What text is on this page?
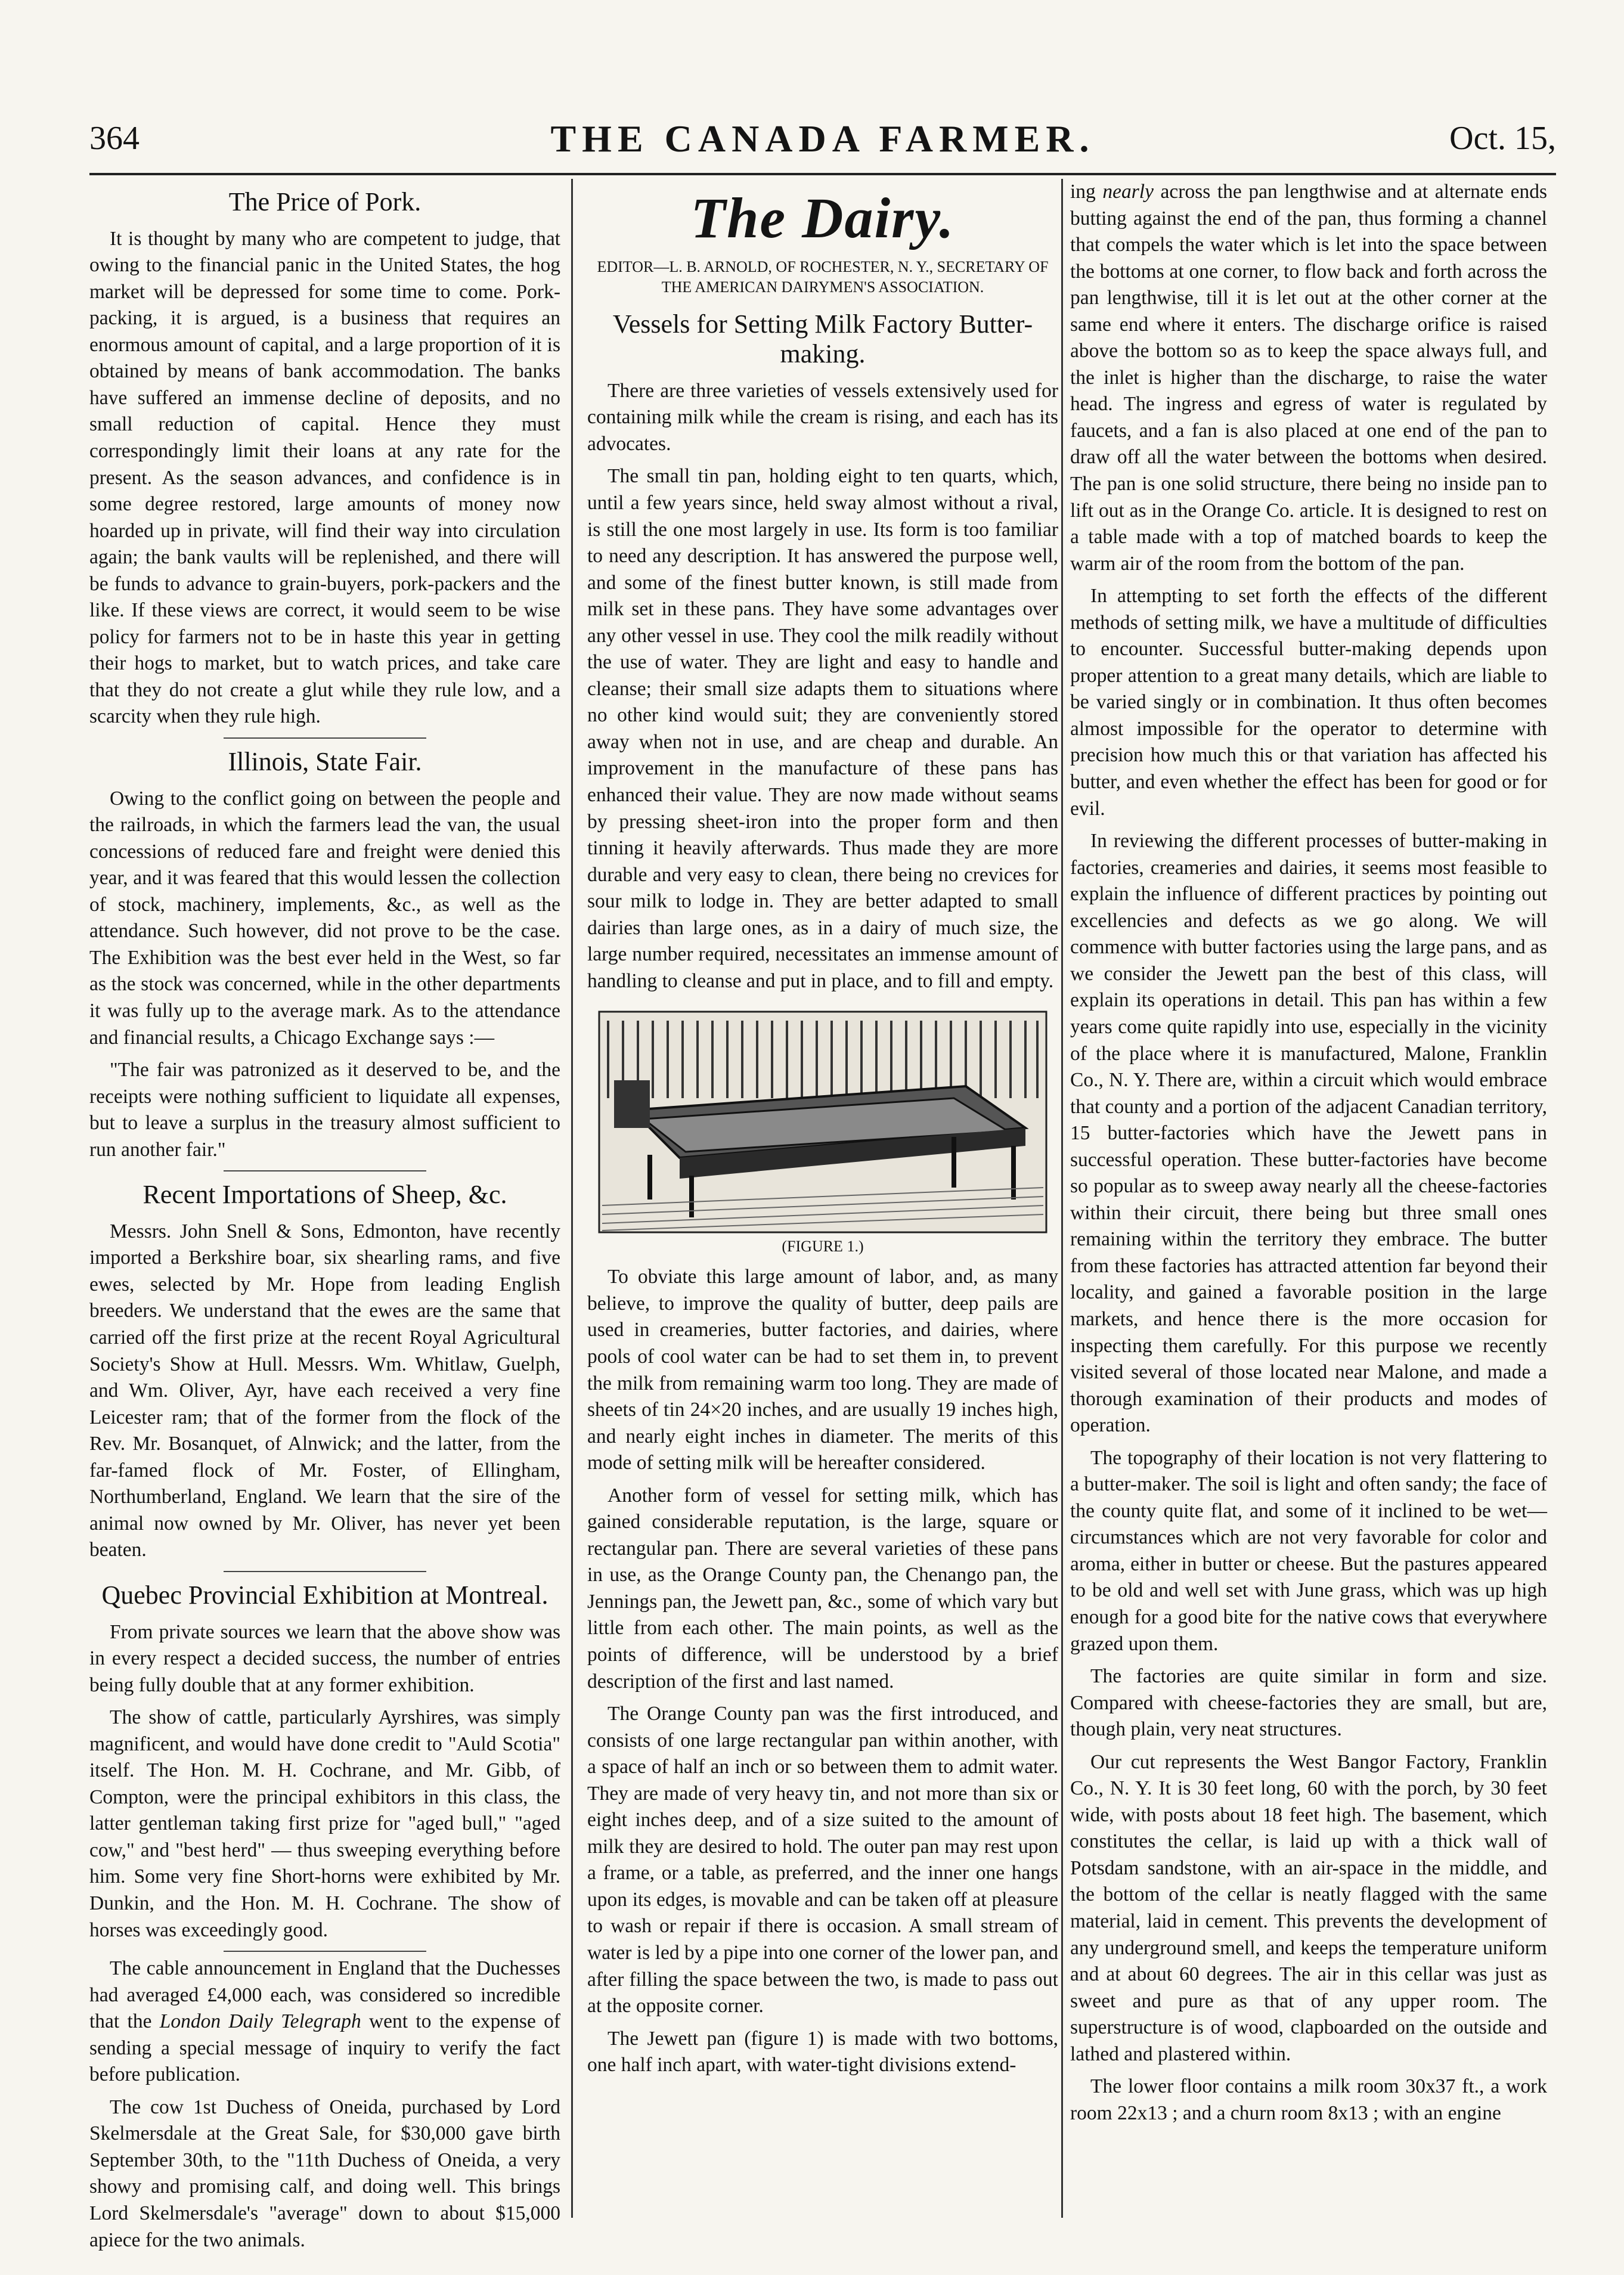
364	THE CANADA FARMER.	Oct. 15,
The Price of Pork.

It is thought by many who are competent to judge, that owing to the financial panic in the United States, the hog market will be depressed for some time to come. Pork-packing, it is argued, is a business that requires an enormous amount of capital, and a large proportion of it is obtained by means of bank accommodation. The banks have suffered an immense decline of deposits, and no small reduction of capital. Hence they must correspondingly limit their loans at any rate for the present. As the season advances, and confidence is in some degree restored, large amounts of money now hoarded up in private, will find their way into circulation again; the bank vaults will be replenished, and there will be funds to advance to grain-buyers, pork-packers and the like. If these views are correct, it would seem to be wise policy for farmers not to be in haste this year in getting their hogs to market, but to watch prices, and take care that they do not create a glut while they rule low, and a scarcity when they rule high.

Illinois, State Fair.

Owing to the conflict going on between the people and the railroads, in which the farmers lead the van, the usual concessions of reduced fare and freight were denied this year, and it was feared that this would lessen the collection of stock, machinery, implements, &c., as well as the attendance. Such however, did not prove to be the case. The Exhibition was the best ever held in the West, so far as the stock was concerned, while in the other departments it was fully up to the average mark. As to the attendance and financial results, a Chicago Exchange says :—

"The fair was patronized as it deserved to be, and the receipts were nothing sufficient to liquidate all expenses, but to leave a surplus in the treasury almost sufficient to run another fair."

Recent Importations of Sheep, &c.

Messrs. John Snell & Sons, Edmonton, have recently imported a Berkshire boar, six shearling rams, and five ewes, selected by Mr. Hope from leading English breeders. We understand that the ewes are the same that carried off the first prize at the recent Royal Agricultural Society's Show at Hull. Messrs. Wm. Whitlaw, Guelph, and Wm. Oliver, Ayr, have each received a very fine Leicester ram; that of the former from the flock of the Rev. Mr. Bosanquet, of Alnwick; and the latter, from the far-famed flock of Mr. Foster, of Ellingham, Northumberland, England. We learn that the sire of the animal now owned by Mr. Oliver, has never yet been beaten.

Quebec Provincial Exhibition at Montreal.

From private sources we learn that the above show was in every respect a decided success, the number of entries being fully double that at any former exhibition.

The show of cattle, particularly Ayrshires, was simply magnificent, and would have done credit to "Auld Scotia" itself. The Hon. M. H. Cochrane, and Mr. Gibb, of Compton, were the principal exhibitors in this class, the latter gentleman taking first prize for "aged bull," "aged cow," and "best herd" — thus sweeping everything before him. Some very fine Short-horns were exhibited by Mr. Dunkin, and the Hon. M. H. Cochrane. The show of horses was exceedingly good.

The cable announcement in England that the Duchesses had averaged £4,000 each, was considered so incredible that the London Daily Telegraph went to the expense of sending a special message of inquiry to verify the fact before publication.

The cow 1st Duchess of Oneida, purchased by Lord Skelmersdale at the Great Sale, for $30,000 gave birth September 30th, to the "11th Duchess of Oneida, a very showy and promising calf, and doing well. This brings Lord Skelmersdale's "average" down to about $15,000 apiece for the two animals.

The Dairy.
EDITOR—L. B. ARNOLD, OF ROCHESTER, N. Y., SECRETARY OF THE AMERICAN DAIRYMEN'S ASSOCIATION.
Vessels for Setting Milk Factory Butter-making.

There are three varieties of vessels extensively used for containing milk while the cream is rising, and each has its advocates.

The small tin pan, holding eight to ten quarts, which, until a few years since, held sway almost without a rival, is still the one most largely in use. Its form is too familiar to need any description. It has answered the purpose well, and some of the finest butter known, is still made from milk set in these pans. They have some advantages over any other vessel in use. They cool the milk readily without the use of water. They are light and easy to handle and cleanse; their small size adapts them to situations where no other kind would suit; they are conveniently stored away when not in use, and are cheap and durable. An improvement in the manufacture of these pans has enhanced their value. They are now made without seams by pressing sheet-iron into the proper form and then tinning it heavily afterwards. Thus made they are more durable and very easy to clean, there being no crevices for sour milk to lodge in. They are better adapted to small dairies than large ones, as in a dairy of much size, the large number required, necessitates an immense amount of handling to cleanse and put in place, and to fill and empty.

(FIGURE 1.)

To obviate this large amount of labor, and, as many believe, to improve the quality of butter, deep pails are used in creameries, butter factories, and dairies, where pools of cool water can be had to set them in, to prevent the milk from remaining warm too long. They are made of sheets of tin 24×20 inches, and are usually 19 inches high, and nearly eight inches in diameter. The merits of this mode of setting milk will be hereafter considered.

Another form of vessel for setting milk, which has gained considerable reputation, is the large, square or rectangular pan. There are several varieties of these pans in use, as the Orange County pan, the Chenango pan, the Jennings pan, the Jewett pan, &c., some of which vary but little from each other. The main points, as well as the points of difference, will be understood by a brief description of the first and last named.

The Orange County pan was the first introduced, and consists of one large rectangular pan within another, with a space of half an inch or so between them to admit water. They are made of very heavy tin, and not more than six or eight inches deep, and of a size suited to the amount of milk they are desired to hold. The outer pan may rest upon a frame, or a table, as preferred, and the inner one hangs upon its edges, is movable and can be taken off at pleasure to wash or repair if there is occasion. A small stream of water is led by a pipe into one corner of the lower pan, and after filling the space between the two, is made to pass out at the opposite corner.

The Jewett pan (figure 1) is made with two bottoms, one half inch apart, with water-tight divisions extend-

ing nearly across the pan lengthwise and at alternate ends butting against the end of the pan, thus forming a channel that compels the water which is let into the space between the bottoms at one corner, to flow back and forth across the pan lengthwise, till it is let out at the other corner at the same end where it enters. The discharge orifice is raised above the bottom so as to keep the space always full, and the inlet is higher than the discharge, to raise the water head. The ingress and egress of water is regulated by faucets, and a fan is also placed at one end of the pan to draw off all the water between the bottoms when desired. The pan is one solid structure, there being no inside pan to lift out as in the Orange Co. article. It is designed to rest on a table made with a top of matched boards to keep the warm air of the room from the bottom of the pan.

In attempting to set forth the effects of the different methods of setting milk, we have a multitude of difficulties to encounter. Successful butter-making depends upon proper attention to a great many details, which are liable to be varied singly or in combination. It thus often becomes almost impossible for the operator to determine with precision how much this or that variation has affected his butter, and even whether the effect has been for good or for evil.

In reviewing the different processes of butter-making in factories, creameries and dairies, it seems most feasible to explain the influence of different practices by pointing out excellencies and defects as we go along. We will commence with butter factories using the large pans, and as we consider the Jewett pan the best of this class, will explain its operations in detail. This pan has within a few years come quite rapidly into use, especially in the vicinity of the place where it is manufactured, Malone, Franklin Co., N. Y. There are, within a circuit which would embrace that county and a portion of the adjacent Canadian territory, 15 butter-factories which have the Jewett pans in successful operation. These butter-factories have become so popular as to sweep away nearly all the cheese-factories within their circuit, there being but three small ones remaining within the territory they embrace. The butter from these factories has attracted attention far beyond their locality, and gained a favorable position in the large markets, and hence there is the more occasion for inspecting them carefully. For this purpose we recently visited several of those located near Malone, and made a thorough examination of their products and modes of operation.

The topography of their location is not very flattering to a butter-maker. The soil is light and often sandy; the face of the county quite flat, and some of it inclined to be wet—circumstances which are not very favorable for color and aroma, either in butter or cheese. But the pastures appeared to be old and well set with June grass, which was up high enough for a good bite for the native cows that everywhere grazed upon them.

The factories are quite similar in form and size. Compared with cheese-factories they are small, but are, though plain, very neat structures.

Our cut represents the West Bangor Factory, Franklin Co., N. Y. It is 30 feet long, 60 with the porch, by 30 feet wide, with posts about 18 feet high. The basement, which constitutes the cellar, is laid up with a thick wall of Potsdam sandstone, with an air-space in the middle, and the bottom of the cellar is neatly flagged with the same material, laid in cement. This prevents the development of any underground smell, and keeps the temperature uniform and at about 60 degrees. The air in this cellar was just as sweet and pure as that of any upper room. The superstructure is of wood, clapboarded on the outside and lathed and plastered within.

The lower floor contains a milk room 30x37 ft., a work room 22x13 ; and a churn room 8x13 ; with an engine
